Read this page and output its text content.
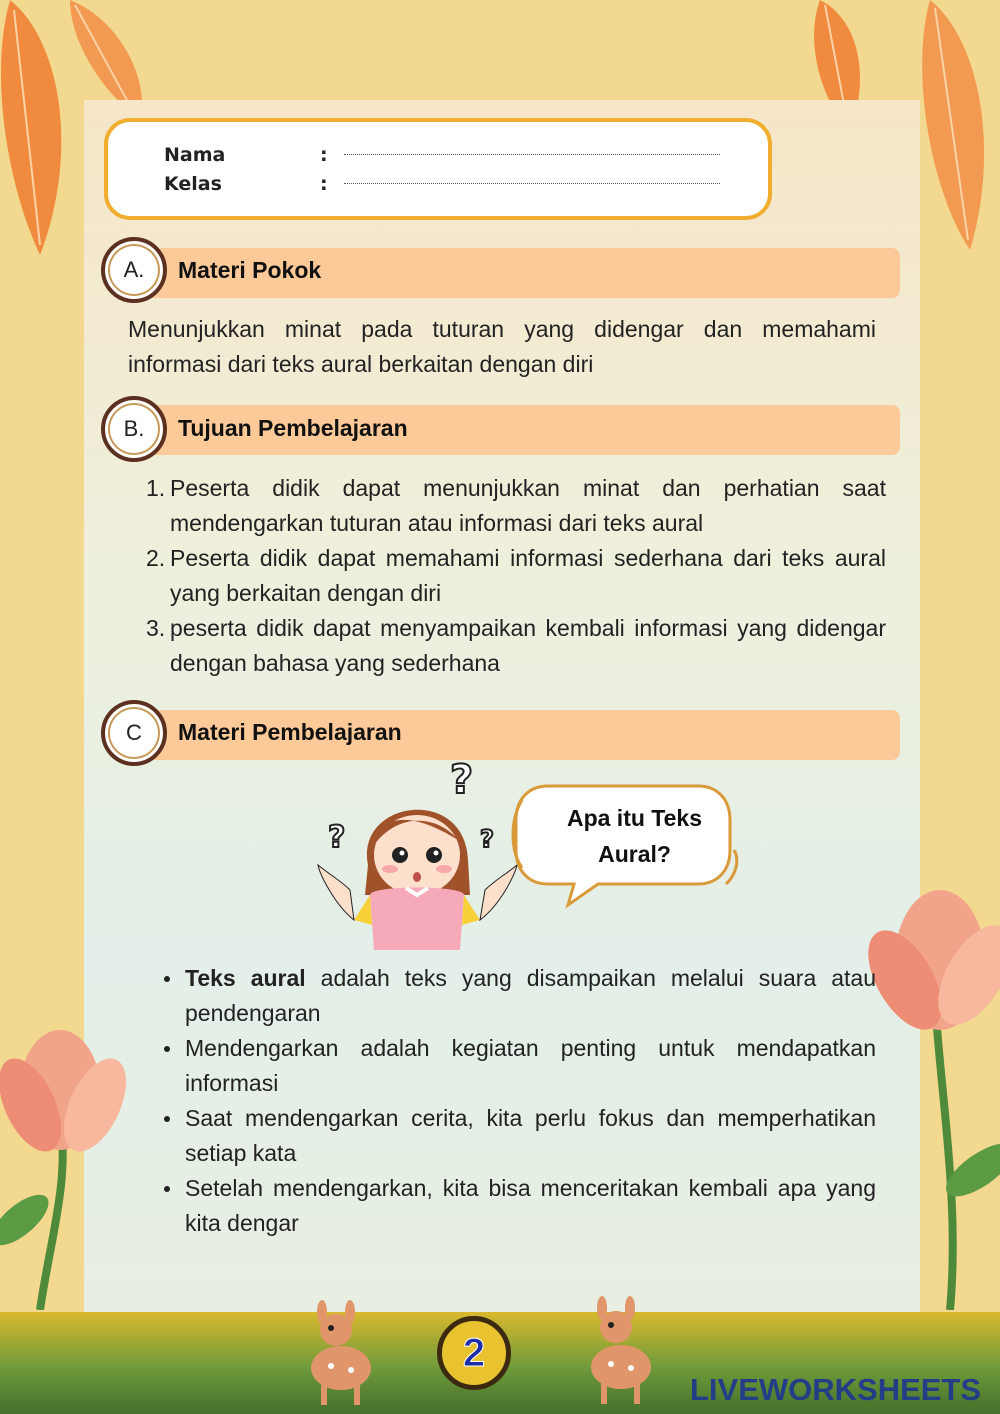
Nama	:
Kelas	:
A.	Materi Pokok
Menunjukkan minat pada tuturan yang didengar dan memahami informasi dari teks aural berkaitan dengan diri
B.	Tujuan Pembelajaran
1. Peserta didik dapat menunjukkan minat dan perhatian saat mendengarkan tuturan atau informasi dari teks aural
2. Peserta didik dapat memahami informasi sederhana dari teks aural yang berkaitan dengan diri
3. peserta didik dapat menyampaikan kembali informasi yang didengar dengan bahasa yang sederhana
C	Materi Pembelajaran
?
?	?
Apa itu Teks
Aural?
Teks aural adalah teks yang disampaikan melalui suara atau pendengaran
Mendengarkan adalah kegiatan penting untuk mendapatkan informasi
Saat mendengarkan cerita, kita perlu fokus dan memperhatikan setiap kata
Setelah mendengarkan, kita bisa menceritakan kembali apa yang kita dengar
2
LIVEWORKSHEETS
